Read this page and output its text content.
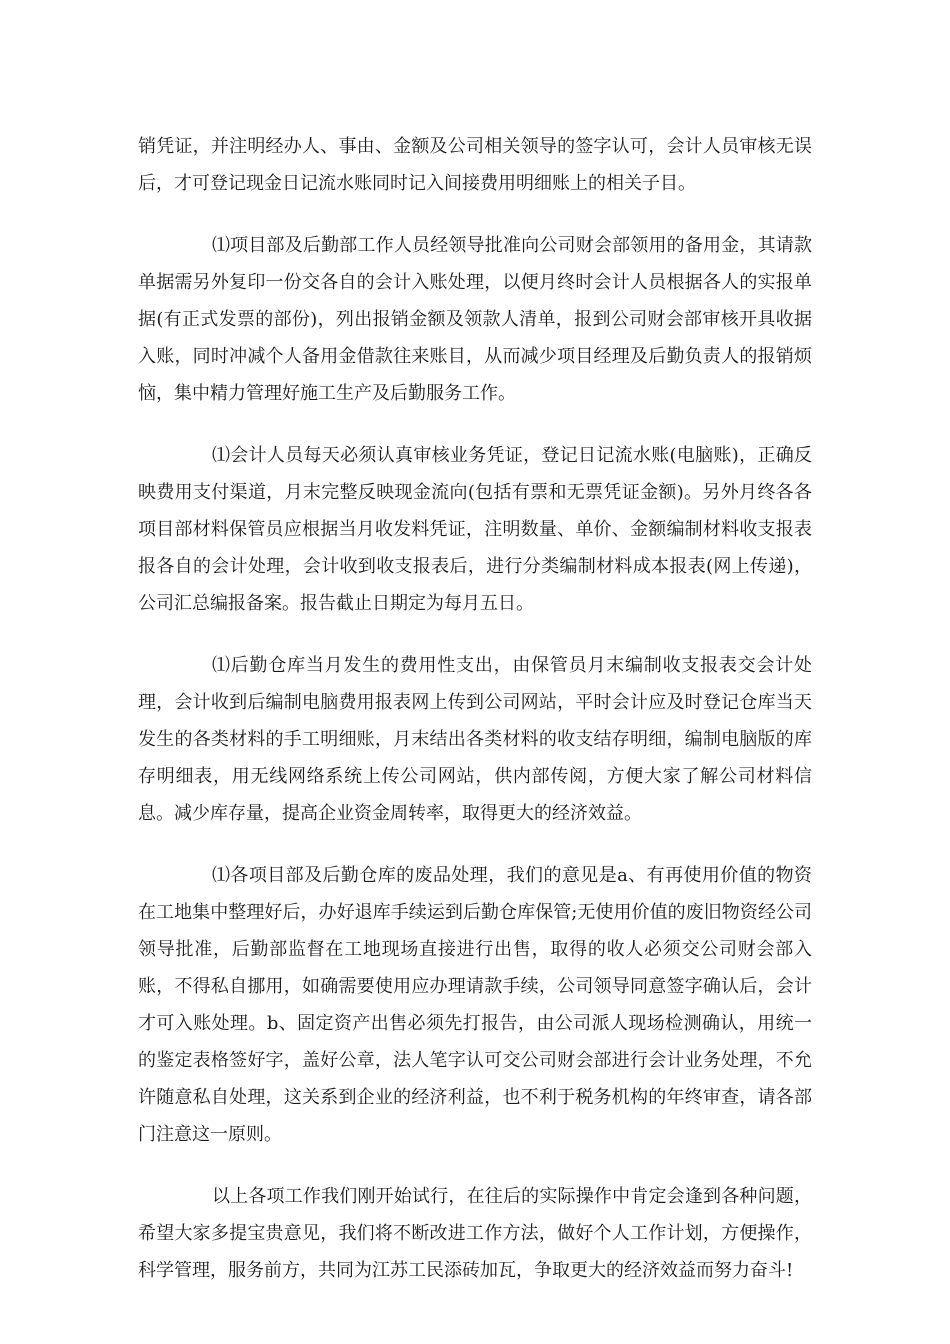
销凭证，并注明经办人、事由、金额及公司相关领导的签字认可，会计人员审核无误后，才可登记现金日记流水账同时记入间接费用明细账上的相关子目。

⑴项目部及后勤部工作人员经领导批准向公司财会部领用的备用金，其请款单据需另外复印一份交各自的会计入账处理，以便月终时会计人员根据各人的实报单据(有正式发票的部份)，列出报销金额及领款人清单，报到公司财会部审核开具收据入账，同时冲减个人备用金借款往来账目，从而减少项目经理及后勤负责人的报销烦恼，集中精力管理好施工生产及后勤服务工作。

⑴会计人员每天必须认真审核业务凭证，登记日记流水账(电脑账)，正确反映费用支付渠道，月末完整反映现金流向(包括有票和无票凭证金额)。另外月终各各项目部材料保管员应根据当月收发料凭证，注明数量、单价、金额编制材料收支报表报各自的会计处理，会计收到收支报表后，进行分类编制材料成本报表(网上传递)，公司汇总编报备案。报告截止日期定为每月五日。

⑴后勤仓库当月发生的费用性支出，由保管员月末编制收支报表交会计处理，会计收到后编制电脑费用报表网上传到公司网站，平时会计应及时登记仓库当天发生的各类材料的手工明细账，月末结出各类材料的收支结存明细，编制电脑版的库存明细表，用无线网络系统上传公司网站，供内部传阅，方便大家了解公司材料信息。减少库存量，提高企业资金周转率，取得更大的经济效益。

⑴各项目部及后勤仓库的废品处理，我们的意见是a、有再使用价值的物资在工地集中整理好后，办好退库手续运到后勤仓库保管;无使用价值的废旧物资经公司领导批准，后勤部监督在工地现场直接进行出售，取得的收人必须交公司财会部入账，不得私自挪用，如确需要使用应办理请款手续，公司领导同意签字确认后，会计才可入账处理。b、固定资产出售必须先打报告，由公司派人现场检测确认，用统一的鉴定表格签好字，盖好公章，法人笔字认可交公司财会部进行会计业务处理，不允许随意私自处理，这关系到企业的经济利益，也不利于税务机构的年终审查，请各部门注意这一原则。

以上各项工作我们刚开始试行，在往后的实际操作中肯定会逢到各种问题，希望大家多提宝贵意见，我们将不断改进工作方法，做好个人工作计划，方便操作，科学管理，服务前方，共同为江苏工民添砖加瓦，争取更大的经济效益而努力奋斗!
